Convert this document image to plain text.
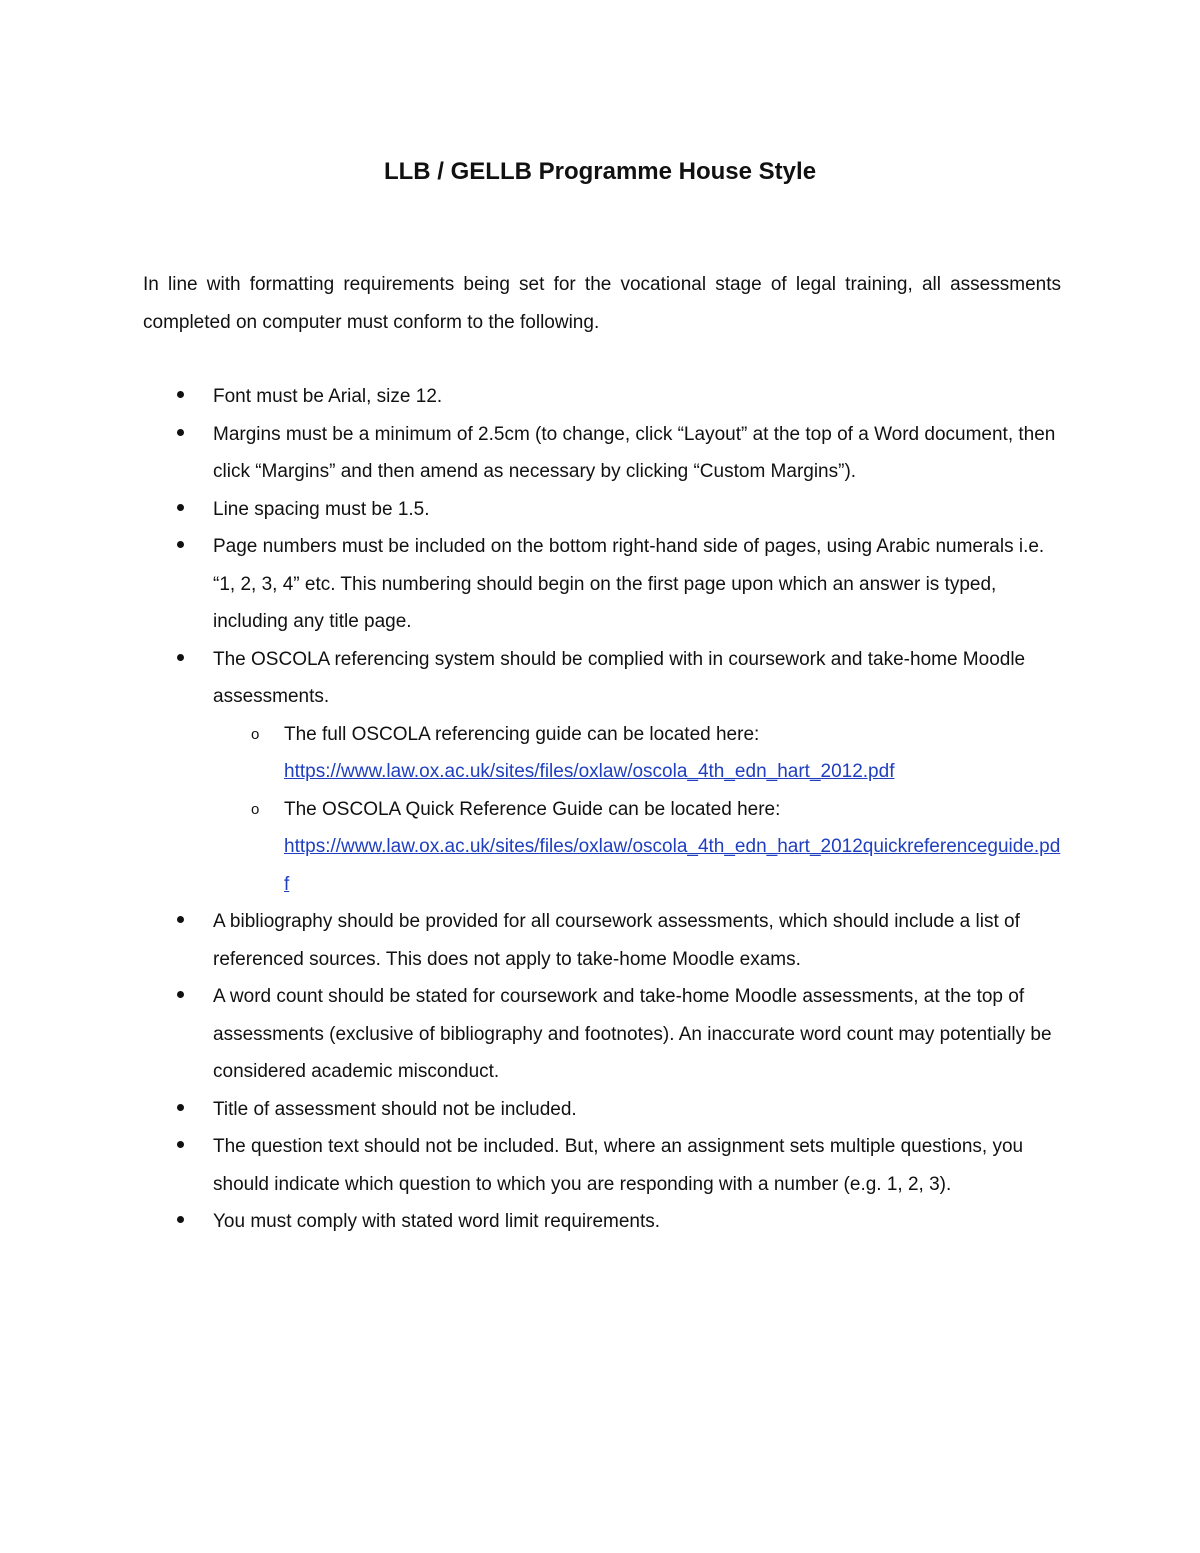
LLB / GELLB Programme House Style

In line with formatting requirements being set for the vocational stage of legal training, all assessments completed on computer must conform to the following.

Font must be Arial, size 12.
Margins must be a minimum of 2.5cm (to change, click “Layout” at the top of a Word document, then click “Margins” and then amend as necessary by clicking “Custom Margins”).
Line spacing must be 1.5.
Page numbers must be included on the bottom right-hand side of pages, using Arabic numerals i.e. “1, 2, 3, 4” etc. This numbering should begin on the first page upon which an answer is typed, including any title page.
The OSCOLA referencing system should be complied with in coursework and take-home Moodle assessments.
o The full OSCOLA referencing guide can be located here:
https://www.law.ox.ac.uk/sites/files/oxlaw/oscola_4th_edn_hart_2012.pdf
o The OSCOLA Quick Reference Guide can be located here:
https://www.law.ox.ac.uk/sites/files/oxlaw/oscola_4th_edn_hart_2012quickreferenceguide.pdf
A bibliography should be provided for all coursework assessments, which should include a list of referenced sources. This does not apply to take-home Moodle exams.
A word count should be stated for coursework and take-home Moodle assessments, at the top of assessments (exclusive of bibliography and footnotes). An inaccurate word count may potentially be considered academic misconduct.
Title of assessment should not be included.
The question text should not be included. But, where an assignment sets multiple questions, you should indicate which question to which you are responding with a number (e.g. 1, 2, 3).
You must comply with stated word limit requirements.
